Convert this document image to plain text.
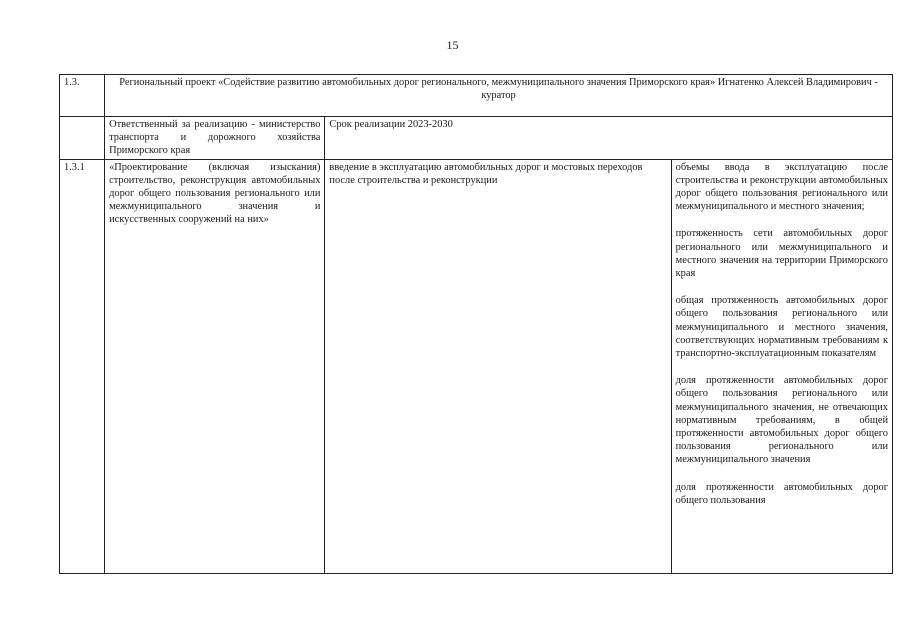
15
1.3.	Региональный проект «Содействие развитию автомобильных дорог регионального, межмуниципального значения Приморского края» Игнатенко Алексей Владимирович - куратор		
	Ответственный за реализацию - министерство транспорта и дорожного хозяйства Приморского края	Срок реализации 2023-2030	
1.3.1	«Проектирование (включая изыскания) строительство, реконструкция автомобильных дорог общего пользования регионального или межмуниципального значения и искусственных сооружений на них»	введение в эксплуатацию автомобильных дорог и мостовых переходов после строительства и реконструкции	объемы ввода в эксплуатацию после строительства и реконструкции автомобильных дорог общего пользования регионального или межмуниципального и местного значения;

протяженность сети автомобильных дорог регионального или межмуниципального и местного значения на территории Приморского края

общая протяженность автомобильных дорог общего пользования регионального или межмуниципального и местного значения, соответствующих нормативным требованиям к транспортно-эксплуатационным показателям

доля протяженности автомобильных дорог общего пользования регионального или межмуниципального значения, не отвечающих нормативным требованиям, в общей протяженности автомобильных дорог общего пользования регионального или межмуниципального значения

доля протяженности автомобильных дорог общего пользования
